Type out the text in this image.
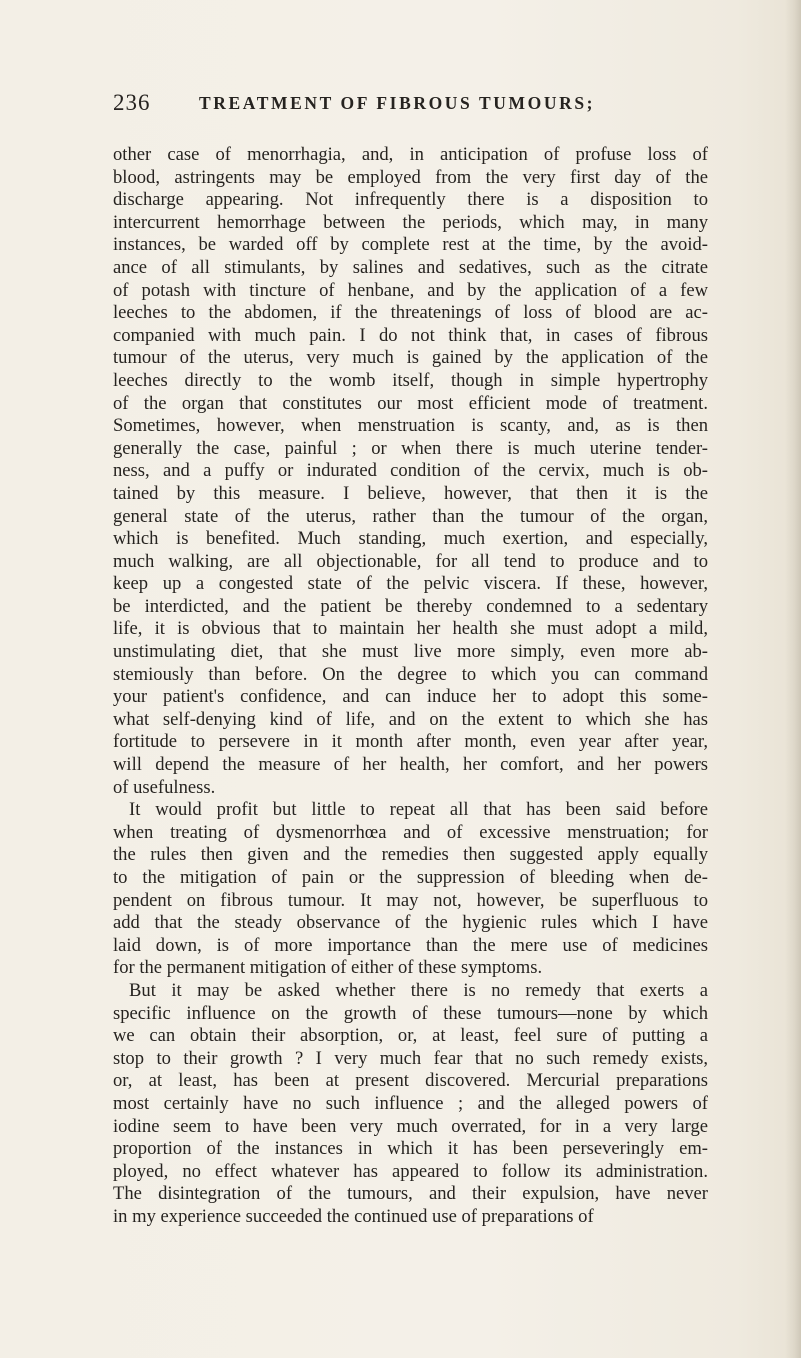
236	TREATMENT OF FIBROUS TUMOURS;
other case of menorrhagia, and, in anticipation of profuse loss of
blood, astringents may be employed from the very first day of the
discharge appearing. Not infrequently there is a disposition to
intercurrent hemorrhage between the periods, which may, in many
instances, be warded off by complete rest at the time, by the avoid-
ance of all stimulants, by salines and sedatives, such as the citrate
of potash with tincture of henbane, and by the application of a few
leeches to the abdomen, if the threatenings of loss of blood are ac-
companied with much pain. I do not think that, in cases of fibrous
tumour of the uterus, very much is gained by the application of the
leeches directly to the womb itself, though in simple hypertrophy
of the organ that constitutes our most efficient mode of treatment.
Sometimes, however, when menstruation is scanty, and, as is then
generally the case, painful ; or when there is much uterine tender-
ness, and a puffy or indurated condition of the cervix, much is ob-
tained by this measure. I believe, however, that then it is the
general state of the uterus, rather than the tumour of the organ,
which is benefited. Much standing, much exertion, and especially,
much walking, are all objectionable, for all tend to produce and to
keep up a congested state of the pelvic viscera. If these, however,
be interdicted, and the patient be thereby condemned to a sedentary
life, it is obvious that to maintain her health she must adopt a mild,
unstimulating diet, that she must live more simply, even more ab-
stemiously than before. On the degree to which you can command
your patient's confidence, and can induce her to adopt this some-
what self-denying kind of life, and on the extent to which she has
fortitude to persevere in it month after month, even year after year,
will depend the measure of her health, her comfort, and her powers
of usefulness.
It would profit but little to repeat all that has been said before
when treating of dysmenorrhœa and of excessive menstruation; for
the rules then given and the remedies then suggested apply equally
to the mitigation of pain or the suppression of bleeding when de-
pendent on fibrous tumour. It may not, however, be superfluous to
add that the steady observance of the hygienic rules which I have
laid down, is of more importance than the mere use of medicines
for the permanent mitigation of either of these symptoms.
But it may be asked whether there is no remedy that exerts a
specific influence on the growth of these tumours—none by which
we can obtain their absorption, or, at least, feel sure of putting a
stop to their growth ? I very much fear that no such remedy exists,
or, at least, has been at present discovered. Mercurial preparations
most certainly have no such influence ; and the alleged powers of
iodine seem to have been very much overrated, for in a very large
proportion of the instances in which it has been perseveringly em-
ployed, no effect whatever has appeared to follow its administration.
The disintegration of the tumours, and their expulsion, have never
in my experience succeeded the continued use of preparations of
